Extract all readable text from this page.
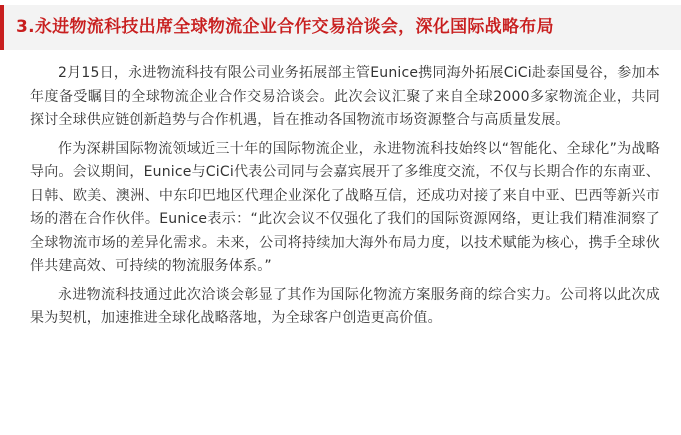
3.永进物流科技出席全球物流企业合作交易洽谈会，深化国际战略布局

2月15日，永进物流科技有限公司业务拓展部主管Eunice携同海外拓展CiCi赴泰国曼谷，参加本年度备受瞩目的全球物流企业合作交易洽谈会。此次会议汇聚了来自全球2000多家物流企业，共同探讨全球供应链创新趋势与合作机遇，旨在推动各国物流市场资源整合与高质量发展。

作为深耕国际物流领域近三十年的国际物流企业，永进物流科技始终以“智能化、全球化”为战略导向。会议期间，Eunice与CiCi代表公司同与会嘉宾展开了多维度交流，不仅与长期合作的东南亚、日韩、欧美、澳洲、中东印巴地区代理企业深化了战略互信，还成功对接了来自中亚、巴西等新兴市场的潜在合作伙伴。Eunice表示：“此次会议不仅强化了我们的国际资源网络，更让我们精准洞察了全球物流市场的差异化需求。未来，公司将持续加大海外布局力度，以技术赋能为核心，携手全球伙伴共建高效、可持续的物流服务体系。”

永进物流科技通过此次洽谈会彰显了其作为国际化物流方案服务商的综合实力。公司将以此次成果为契机，加速推进全球化战略落地，为全球客户创造更高价值。
